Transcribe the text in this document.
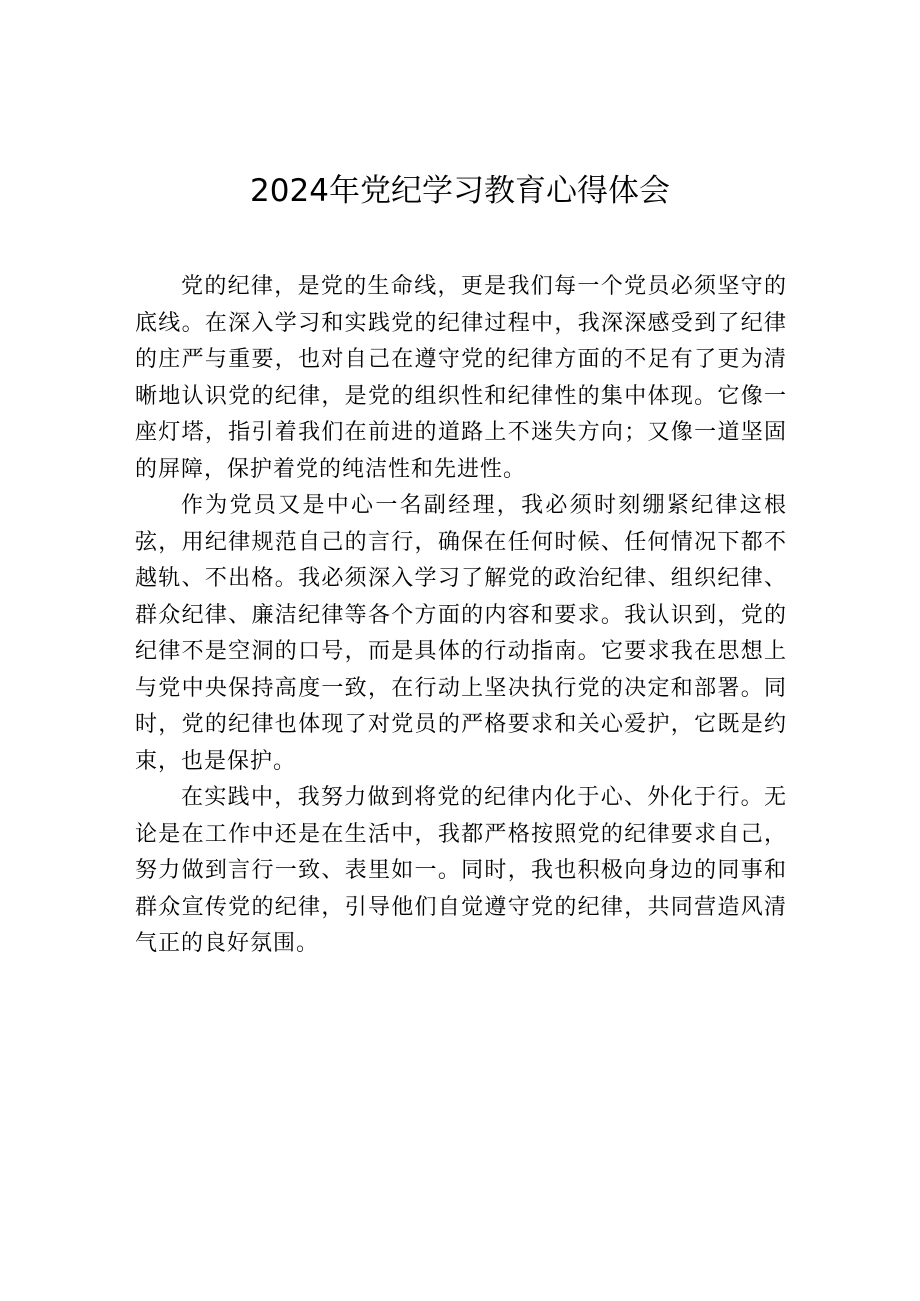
2024年党纪学习教育心得体会

党的纪律，是党的生命线，更是我们每一个党员必须坚守的底线。在深入学习和实践党的纪律过程中，我深深感受到了纪律的庄严与重要，也对自己在遵守党的纪律方面的不足有了更为清晰地认识党的纪律，是党的组织性和纪律性的集中体现。它像一座灯塔，指引着我们在前进的道路上不迷失方向；又像一道坚固的屏障，保护着党的纯洁性和先进性。

作为党员又是中心一名副经理，我必须时刻绷紧纪律这根弦，用纪律规范自己的言行，确保在任何时候、任何情况下都不越轨、不出格。我必须深入学习了解党的政治纪律、组织纪律、群众纪律、廉洁纪律等各个方面的内容和要求。我认识到，党的纪律不是空洞的口号，而是具体的行动指南。它要求我在思想上与党中央保持高度一致，在行动上坚决执行党的决定和部署。同时，党的纪律也体现了对党员的严格要求和关心爱护，它既是约束，也是保护。

在实践中，我努力做到将党的纪律内化于心、外化于行。无论是在工作中还是在生活中，我都严格按照党的纪律要求自己，努力做到言行一致、表里如一。同时，我也积极向身边的同事和群众宣传党的纪律，引导他们自觉遵守党的纪律，共同营造风清气正的良好氛围。
